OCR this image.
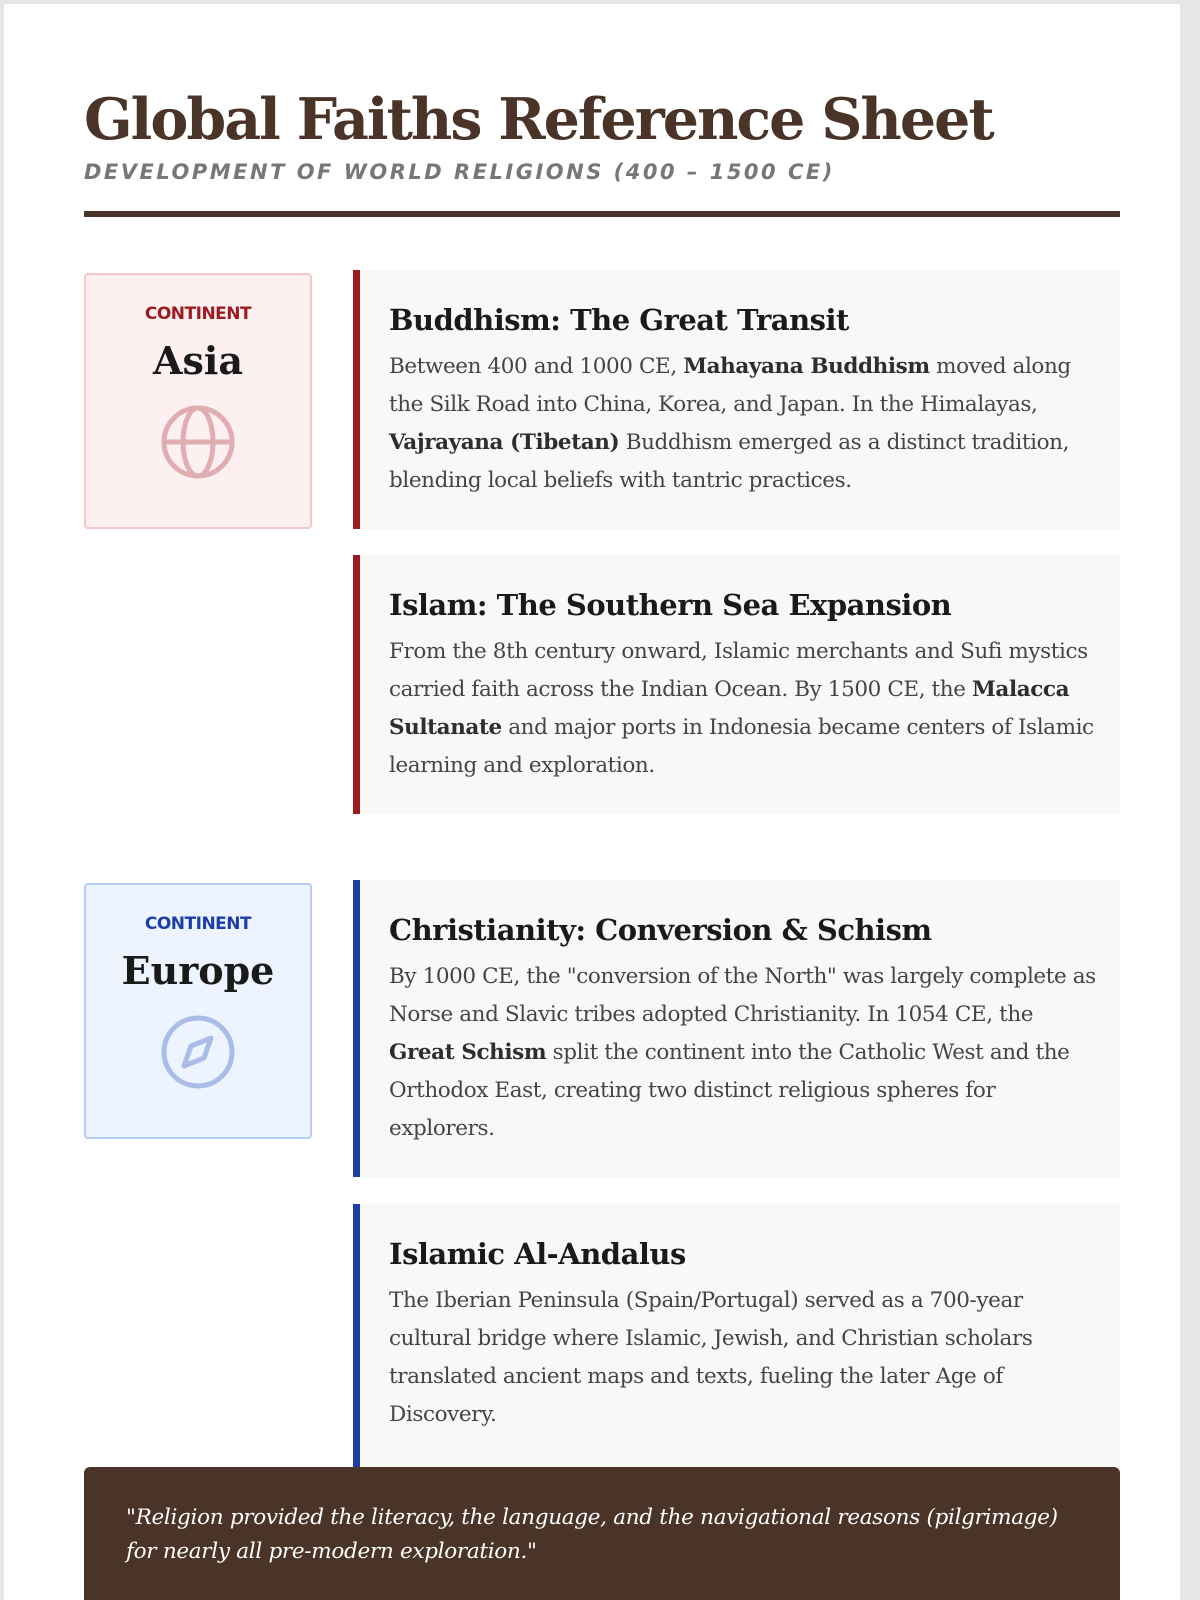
Global Faiths Reference Sheet
DEVELOPMENT OF WORLD RELIGIONS (400 – 1500 CE)
CONTINENT
Asia
Buddhism: The Great Transit

Between 400 and 1000 CE, Mahayana Buddhism moved along the Silk Road into China, Korea, and Japan. In the Himalayas, Vajrayana (Tibetan) Buddhism emerged as a distinct tradition, blending local beliefs with tantric practices.

Islam: The Southern Sea Expansion

From the 8th century onward, Islamic merchants and Sufi mystics carried faith across the Indian Ocean. By 1500 CE, the Malacca Sultanate and major ports in Indonesia became centers of Islamic learning and exploration.

CONTINENT
Europe
Christianity: Conversion & Schism

By 1000 CE, the "conversion of the North" was largely complete as Norse and Slavic tribes adopted Christianity. In 1054 CE, the Great Schism split the continent into the Catholic West and the Orthodox East, creating two distinct religious spheres for explorers.

Islamic Al-Andalus

The Iberian Peninsula (Spain/Portugal) served as a 700-year cultural bridge where Islamic, Jewish, and Christian scholars translated ancient maps and texts, fueling the later Age of Discovery.

"Religion provided the literacy, the language, and the navigational reasons (pilgrimage) for nearly all pre-modern exploration."
